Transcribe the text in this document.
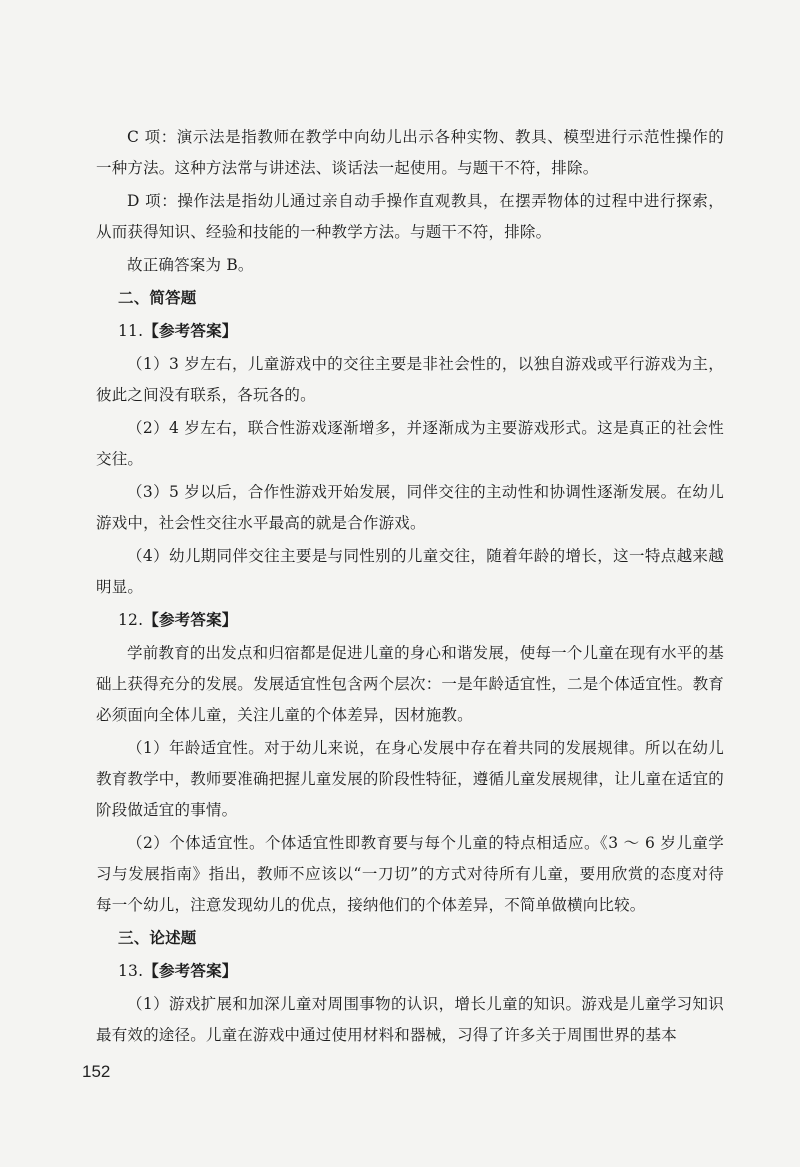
C 项：演示法是指教师在教学中向幼儿出示各种实物、教具、模型进行示范性操作的一种方法。这种方法常与讲述法、谈话法一起使用。与题干不符，排除。

D 项：操作法是指幼儿通过亲自动手操作直观教具，在摆弄物体的过程中进行探索，从而获得知识、经验和技能的一种教学方法。与题干不符，排除。

故正确答案为 B。

二、简答题
11.【参考答案】

（1）3 岁左右，儿童游戏中的交往主要是非社会性的，以独自游戏或平行游戏为主，彼此之间没有联系，各玩各的。

（2）4 岁左右，联合性游戏逐渐增多，并逐渐成为主要游戏形式。这是真正的社会性交往。

（3）5 岁以后，合作性游戏开始发展，同伴交往的主动性和协调性逐渐发展。在幼儿游戏中，社会性交往水平最高的就是合作游戏。

（4）幼儿期同伴交往主要是与同性别的儿童交往，随着年龄的增长，这一特点越来越明显。

12.【参考答案】

学前教育的出发点和归宿都是促进儿童的身心和谐发展，使每一个儿童在现有水平的基础上获得充分的发展。发展适宜性包含两个层次：一是年龄适宜性，二是个体适宜性。教育必须面向全体儿童，关注儿童的个体差异，因材施教。

（1）年龄适宜性。对于幼儿来说，在身心发展中存在着共同的发展规律。所以在幼儿教育教学中，教师要准确把握儿童发展的阶段性特征，遵循儿童发展规律，让儿童在适宜的阶段做适宜的事情。

（2）个体适宜性。个体适宜性即教育要与每个儿童的特点相适应。《3 ～ 6 岁儿童学习与发展指南》指出，教师不应该以“一刀切”的方式对待所有儿童，要用欣赏的态度对待每一个幼儿，注意发现幼儿的优点，接纳他们的个体差异，不简单做横向比较。

三、论述题
13.【参考答案】

（1）游戏扩展和加深儿童对周围事物的认识，增长儿童的知识。游戏是儿童学习知识最有效的途径。儿童在游戏中通过使用材料和器械，习得了许多关于周围世界的基本

152
